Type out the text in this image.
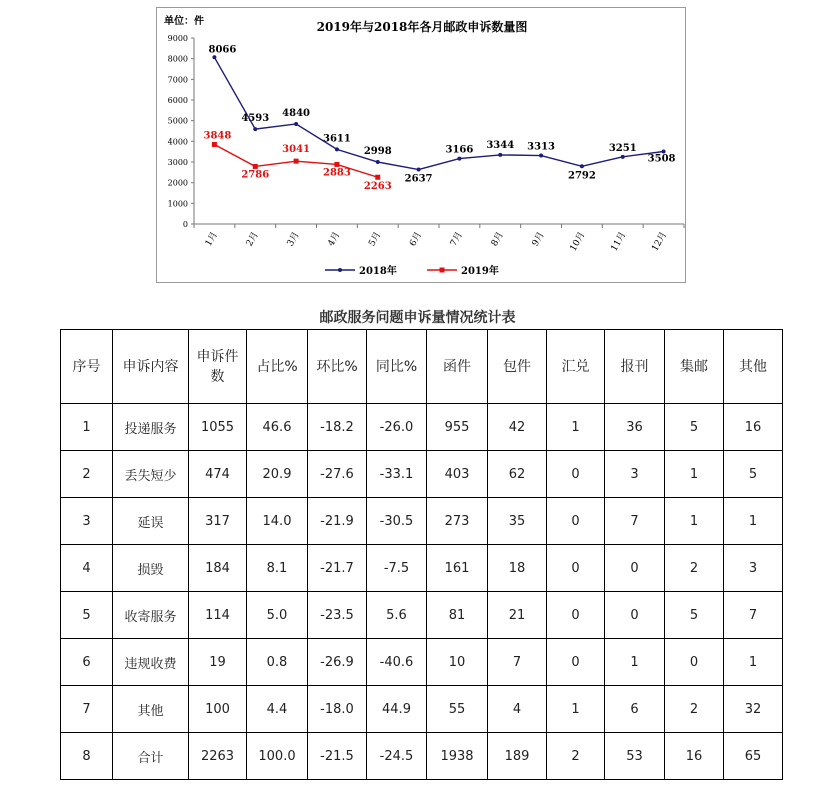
2019年与2018年各月邮政申诉数量图
单位：件
0
1000
2000
3000
4000
5000
6000
7000
8000
9000
1月	2月	3月	4月	5月	6月	7月	8月	9月 10月 11月 12月
8066
4593 4840
3611
2998
2637
3166 3344 3313
2792
3251
3508
3848
2786
3041
2883
2263
2018年	2019年
邮政服务问题申诉量情况统计表
序号	申诉内容	申诉件数	占比%	环比%	同比%	函件	包件	汇兑	报刊	集邮	其他
1	投递服务	1055	46.6	-18.2	-26.0	955	42	1	36	5	16
2	丢失短少	474	20.9	-27.6	-33.1	403	62	0	3	1	5
3	延误	317	14.0	-21.9	-30.5	273	35	0	7	1	1
4	损毁	184	8.1	-21.7	-7.5	161	18	0	0	2	3
5	收寄服务	114	5.0	-23.5	5.6	81	21	0	0	5	7
6	违规收费	19	0.8	-26.9	-40.6	10	7	0	1	0	1
7	其他	100	4.4	-18.0	44.9	55	4	1	6	2	32
8	合计	2263	100.0	-21.5	-24.5	1938	189	2	53	16	65
